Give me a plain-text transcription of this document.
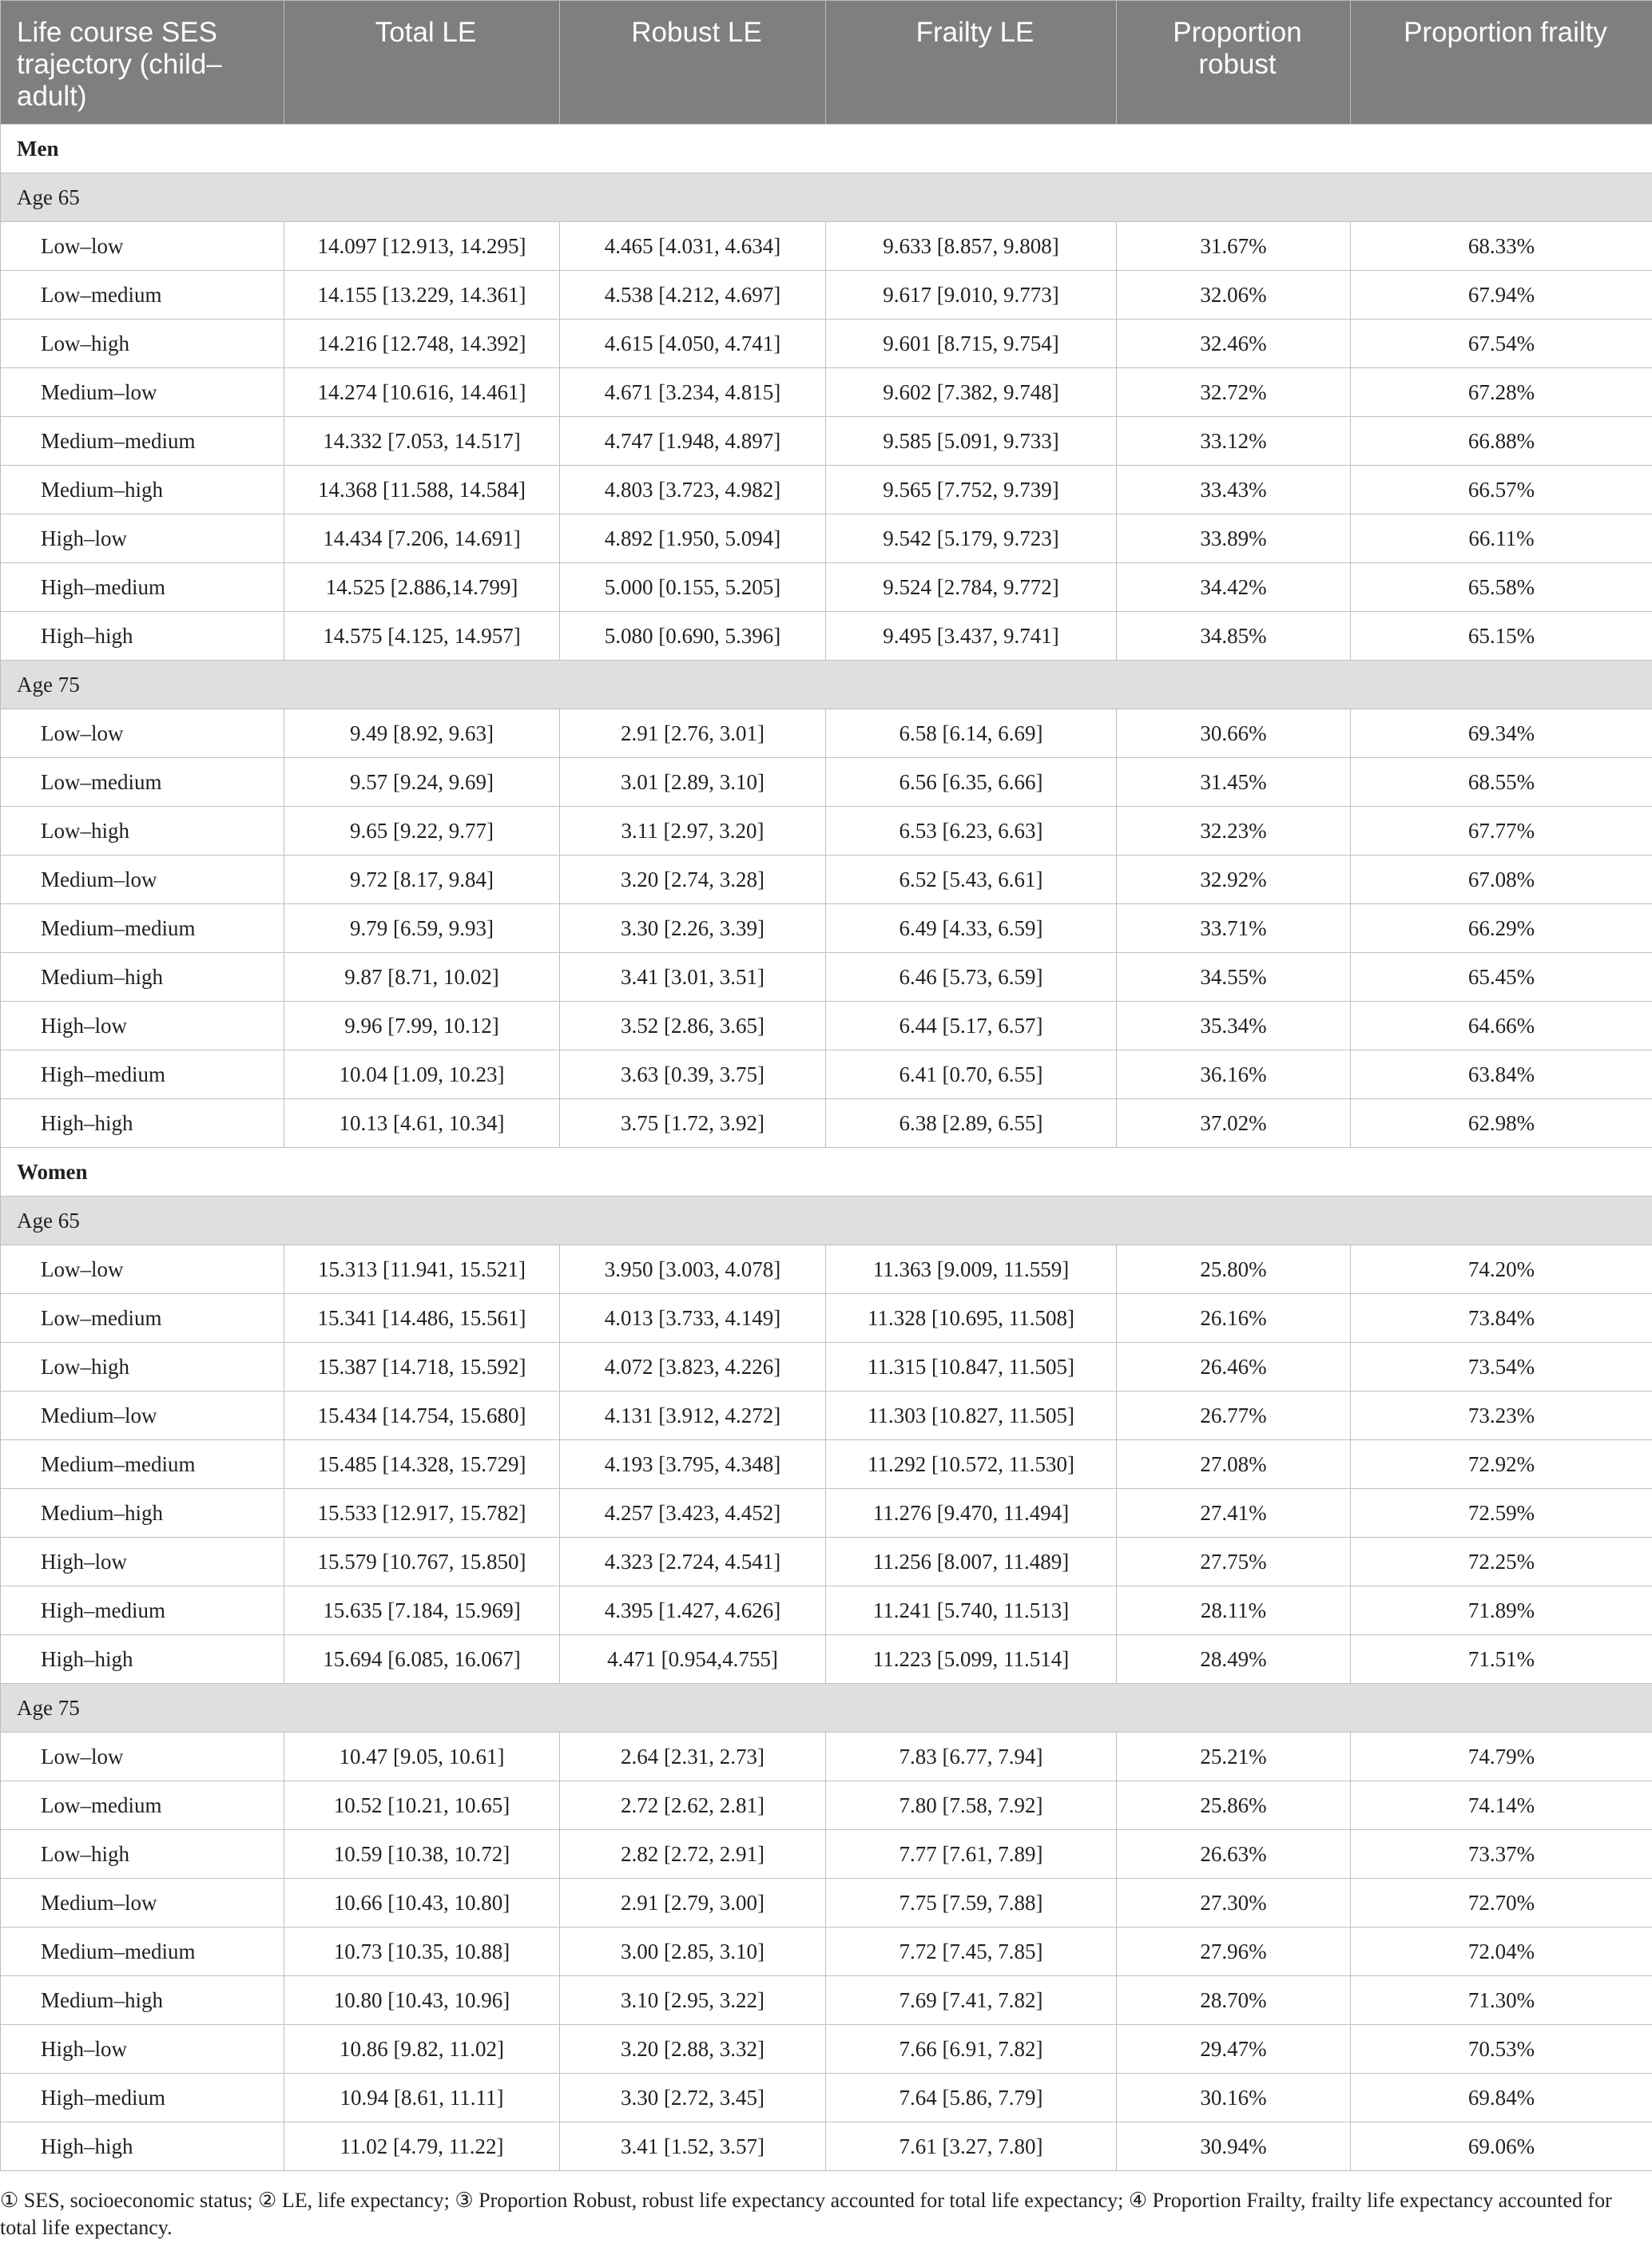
Life course SES trajectory (child–adult)	Total LE	Robust LE	Frailty LE	Proportion robust	Proportion frailty
Men					
Age 65					
Low–low	14.097 [12.913, 14.295]	4.465 [4.031, 4.634]	9.633 [8.857, 9.808]	31.67%	68.33%
Low–medium	14.155 [13.229, 14.361]	4.538 [4.212, 4.697]	9.617 [9.010, 9.773]	32.06%	67.94%
Low–high	14.216 [12.748, 14.392]	4.615 [4.050, 4.741]	9.601 [8.715, 9.754]	32.46%	67.54%
Medium–low	14.274 [10.616, 14.461]	4.671 [3.234, 4.815]	9.602 [7.382, 9.748]	32.72%	67.28%
Medium–medium	14.332 [7.053, 14.517]	4.747 [1.948, 4.897]	9.585 [5.091, 9.733]	33.12%	66.88%
Medium–high	14.368 [11.588, 14.584]	4.803 [3.723, 4.982]	9.565 [7.752, 9.739]	33.43%	66.57%
High–low	14.434 [7.206, 14.691]	4.892 [1.950, 5.094]	9.542 [5.179, 9.723]	33.89%	66.11%
High–medium	14.525 [2.886,14.799]	5.000 [0.155, 5.205]	9.524 [2.784, 9.772]	34.42%	65.58%
High–high	14.575 [4.125, 14.957]	5.080 [0.690, 5.396]	9.495 [3.437, 9.741]	34.85%	65.15%
Age 75					
Low–low	9.49 [8.92, 9.63]	2.91 [2.76, 3.01]	6.58 [6.14, 6.69]	30.66%	69.34%
Low–medium	9.57 [9.24, 9.69]	3.01 [2.89, 3.10]	6.56 [6.35, 6.66]	31.45%	68.55%
Low–high	9.65 [9.22, 9.77]	3.11 [2.97, 3.20]	6.53 [6.23, 6.63]	32.23%	67.77%
Medium–low	9.72 [8.17, 9.84]	3.20 [2.74, 3.28]	6.52 [5.43, 6.61]	32.92%	67.08%
Medium–medium	9.79 [6.59, 9.93]	3.30 [2.26, 3.39]	6.49 [4.33, 6.59]	33.71%	66.29%
Medium–high	9.87 [8.71, 10.02]	3.41 [3.01, 3.51]	6.46 [5.73, 6.59]	34.55%	65.45%
High–low	9.96 [7.99, 10.12]	3.52 [2.86, 3.65]	6.44 [5.17, 6.57]	35.34%	64.66%
High–medium	10.04 [1.09, 10.23]	3.63 [0.39, 3.75]	6.41 [0.70, 6.55]	36.16%	63.84%
High–high	10.13 [4.61, 10.34]	3.75 [1.72, 3.92]	6.38 [2.89, 6.55]	37.02%	62.98%
Women					
Age 65					
Low–low	15.313 [11.941, 15.521]	3.950 [3.003, 4.078]	11.363 [9.009, 11.559]	25.80%	74.20%
Low–medium	15.341 [14.486, 15.561]	4.013 [3.733, 4.149]	11.328 [10.695, 11.508]	26.16%	73.84%
Low–high	15.387 [14.718, 15.592]	4.072 [3.823, 4.226]	11.315 [10.847, 11.505]	26.46%	73.54%
Medium–low	15.434 [14.754, 15.680]	4.131 [3.912, 4.272]	11.303 [10.827, 11.505]	26.77%	73.23%
Medium–medium	15.485 [14.328, 15.729]	4.193 [3.795, 4.348]	11.292 [10.572, 11.530]	27.08%	72.92%
Medium–high	15.533 [12.917, 15.782]	4.257 [3.423, 4.452]	11.276 [9.470, 11.494]	27.41%	72.59%
High–low	15.579 [10.767, 15.850]	4.323 [2.724, 4.541]	11.256 [8.007, 11.489]	27.75%	72.25%
High–medium	15.635 [7.184, 15.969]	4.395 [1.427, 4.626]	11.241 [5.740, 11.513]	28.11%	71.89%
High–high	15.694 [6.085, 16.067]	4.471 [0.954,4.755]	11.223 [5.099, 11.514]	28.49%	71.51%
Age 75					
Low–low	10.47 [9.05, 10.61]	2.64 [2.31, 2.73]	7.83 [6.77, 7.94]	25.21%	74.79%
Low–medium	10.52 [10.21, 10.65]	2.72 [2.62, 2.81]	7.80 [7.58, 7.92]	25.86%	74.14%
Low–high	10.59 [10.38, 10.72]	2.82 [2.72, 2.91]	7.77 [7.61, 7.89]	26.63%	73.37%
Medium–low	10.66 [10.43, 10.80]	2.91 [2.79, 3.00]	7.75 [7.59, 7.88]	27.30%	72.70%
Medium–medium	10.73 [10.35, 10.88]	3.00 [2.85, 3.10]	7.72 [7.45, 7.85]	27.96%	72.04%
Medium–high	10.80 [10.43, 10.96]	3.10 [2.95, 3.22]	7.69 [7.41, 7.82]	28.70%	71.30%
High–low	10.86 [9.82, 11.02]	3.20 [2.88, 3.32]	7.66 [6.91, 7.82]	29.47%	70.53%
High–medium	10.94 [8.61, 11.11]	3.30 [2.72, 3.45]	7.64 [5.86, 7.79]	30.16%	69.84%
High–high	11.02 [4.79, 11.22]	3.41 [1.52, 3.57]	7.61 [3.27, 7.80]	30.94%	69.06%
① SES, socioeconomic status; ② LE, life expectancy; ③ Proportion Robust, robust life expectancy accounted for total life expectancy; ④ Proportion Frailty, frailty life expectancy accounted for
total life expectancy.
